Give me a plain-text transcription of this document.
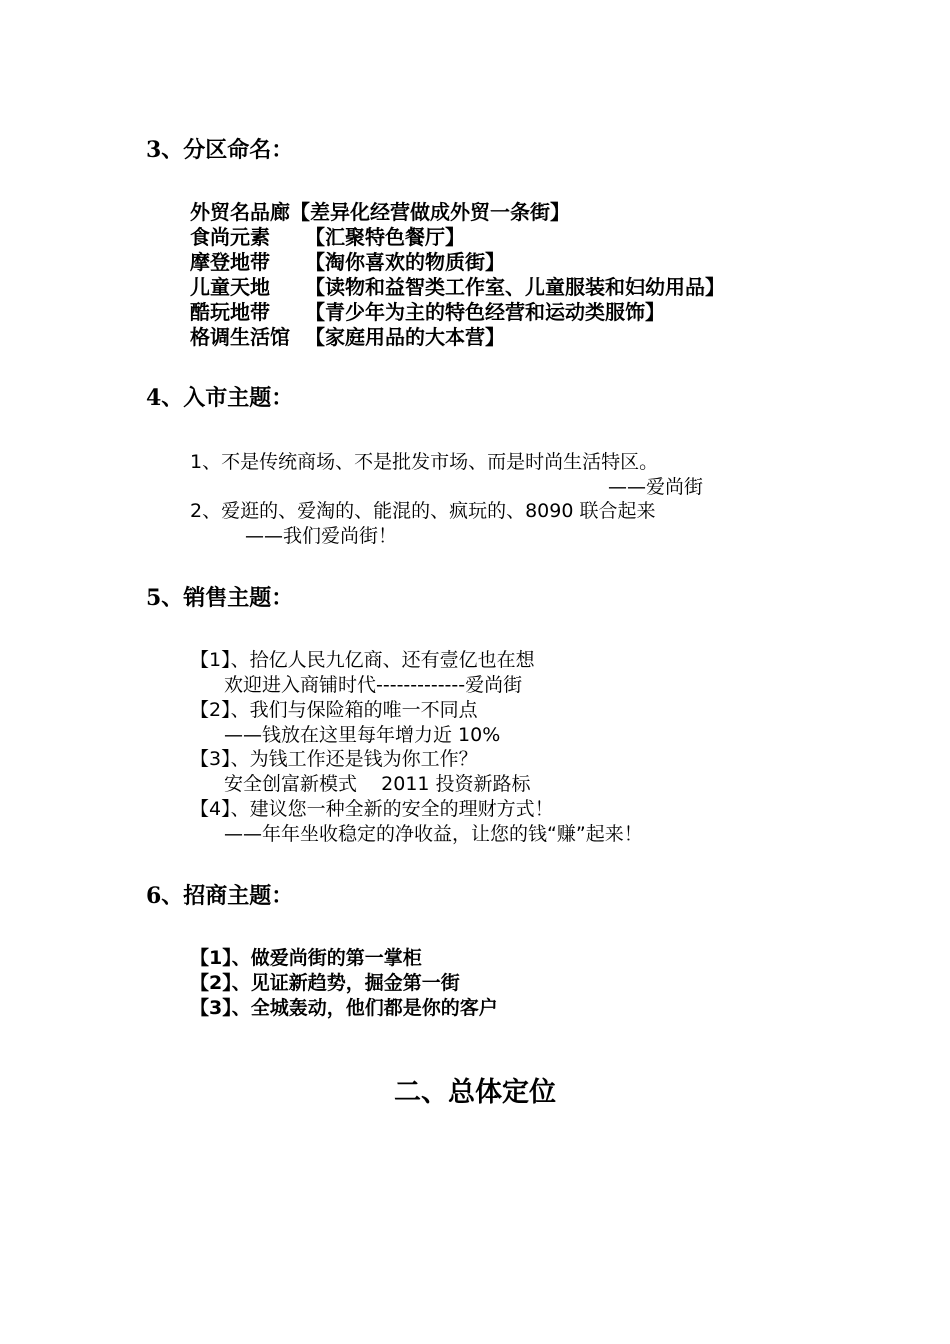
3、分区命名：
外贸名品廊【差异化经营做成外贸一条街】
食尚元素 【汇聚特色餐厅】
摩登地带 【淘你喜欢的物质街】
儿童天地 【读物和益智类工作室、儿童服装和妇幼用品】
酷玩地带 【青少年为主的特色经营和运动类服饰】
格调生活馆 【家庭用品的大本营】
4、入市主题：
1、不是传统商场、不是批发市场、而是时尚生活特区。
——爱尚街
2、爱逛的、爱淘的、能混的、疯玩的、8090 联合起来
——我们爱尚街！
5、销售主题：
【1】、拾亿人民九亿商、还有壹亿也在想
欢迎进入商铺时代-------------爱尚街
【2】、我们与保险箱的唯一不同点
——钱放在这里每年增力近 10%
【3】、为钱工作还是钱为你工作？
安全创富新模式    2011 投资新路标
【4】、建议您一种全新的安全的理财方式！
——年年坐收稳定的净收益，让您的钱“赚”起来！
6、招商主题：
【1】、做爱尚街的第一掌柜
【2】、见证新趋势，掘金第一街
【3】、全城轰动，他们都是你的客户
二、总体定位
